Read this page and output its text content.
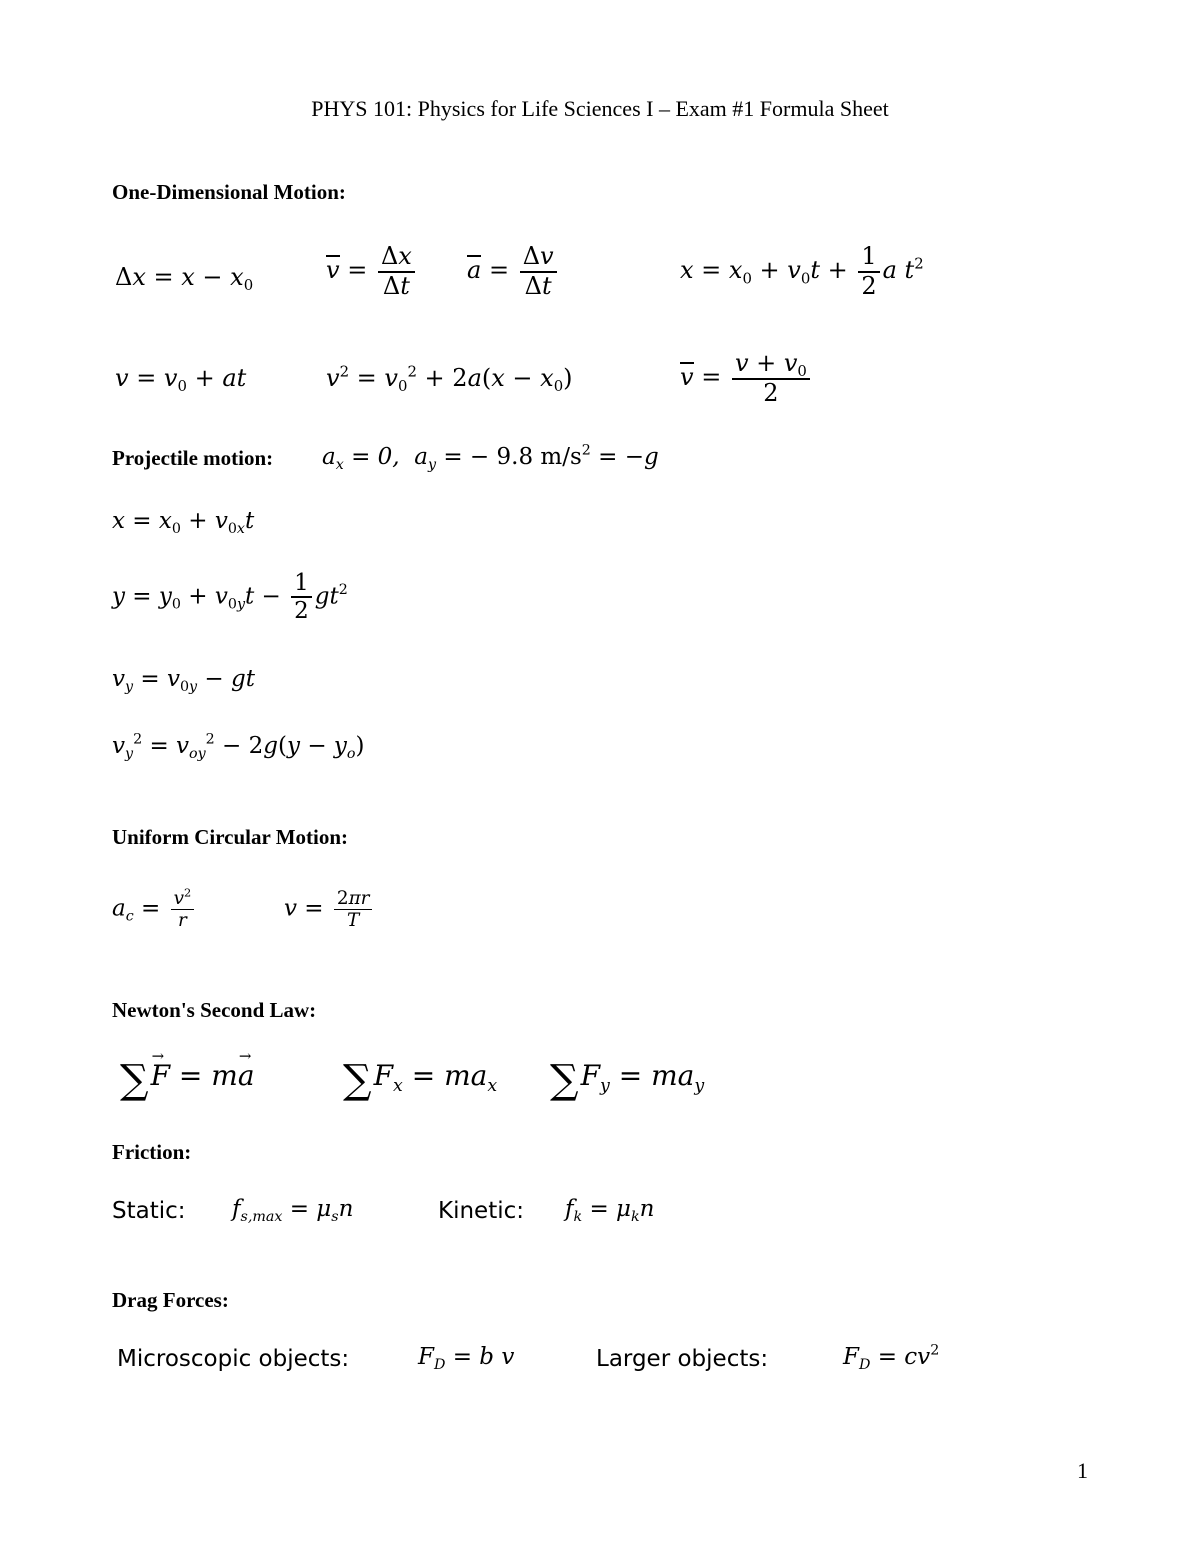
PHYS 101: Physics for Life Sciences I – Exam #1 Formula Sheet
One-Dimensional Motion:
$\Delta x = x - x_0$
$v = \frac{\Delta x}{\Delta t}$ $a = \frac{\Delta v}{\Delta t}$	$x = x_0 + v_0t + \frac{1}{2}$ a $t^2$
$v = v_0$ + at	$v^2 = v_0^2 + 2a(x - x_0)$	$v = \frac{v + v_0}{2}$
Projectile motion: $a_x = 0$,  $a_y$ = − 9.8 $m/s^2 = -g$
$x = x_0 + v_{0x}t$
$y = y_0 + v_{0y}t - \frac{1}{2} gt^2$
$v_y = v_{0y}$ − gt
$v_y^2 = v_{oy}^2 - 2g(y - y_o)$
Uniform Circular Motion:
$a_c = \frac{v^2}{r}$	$v = \frac{2\pi r}{T}$
Newton's Second Law:
∑→ F = m→ a $\sum F_x = ma_x$ $\sum F_y = ma_y$
Friction:
Static: $f_{s,max} = \mu_sn$	Kinetic: $f_k = \mu_kn$
Drag Forces:
Microscopic objects:	$F_D = b$ v	Larger objects:	$F_D = cv^2$
1
